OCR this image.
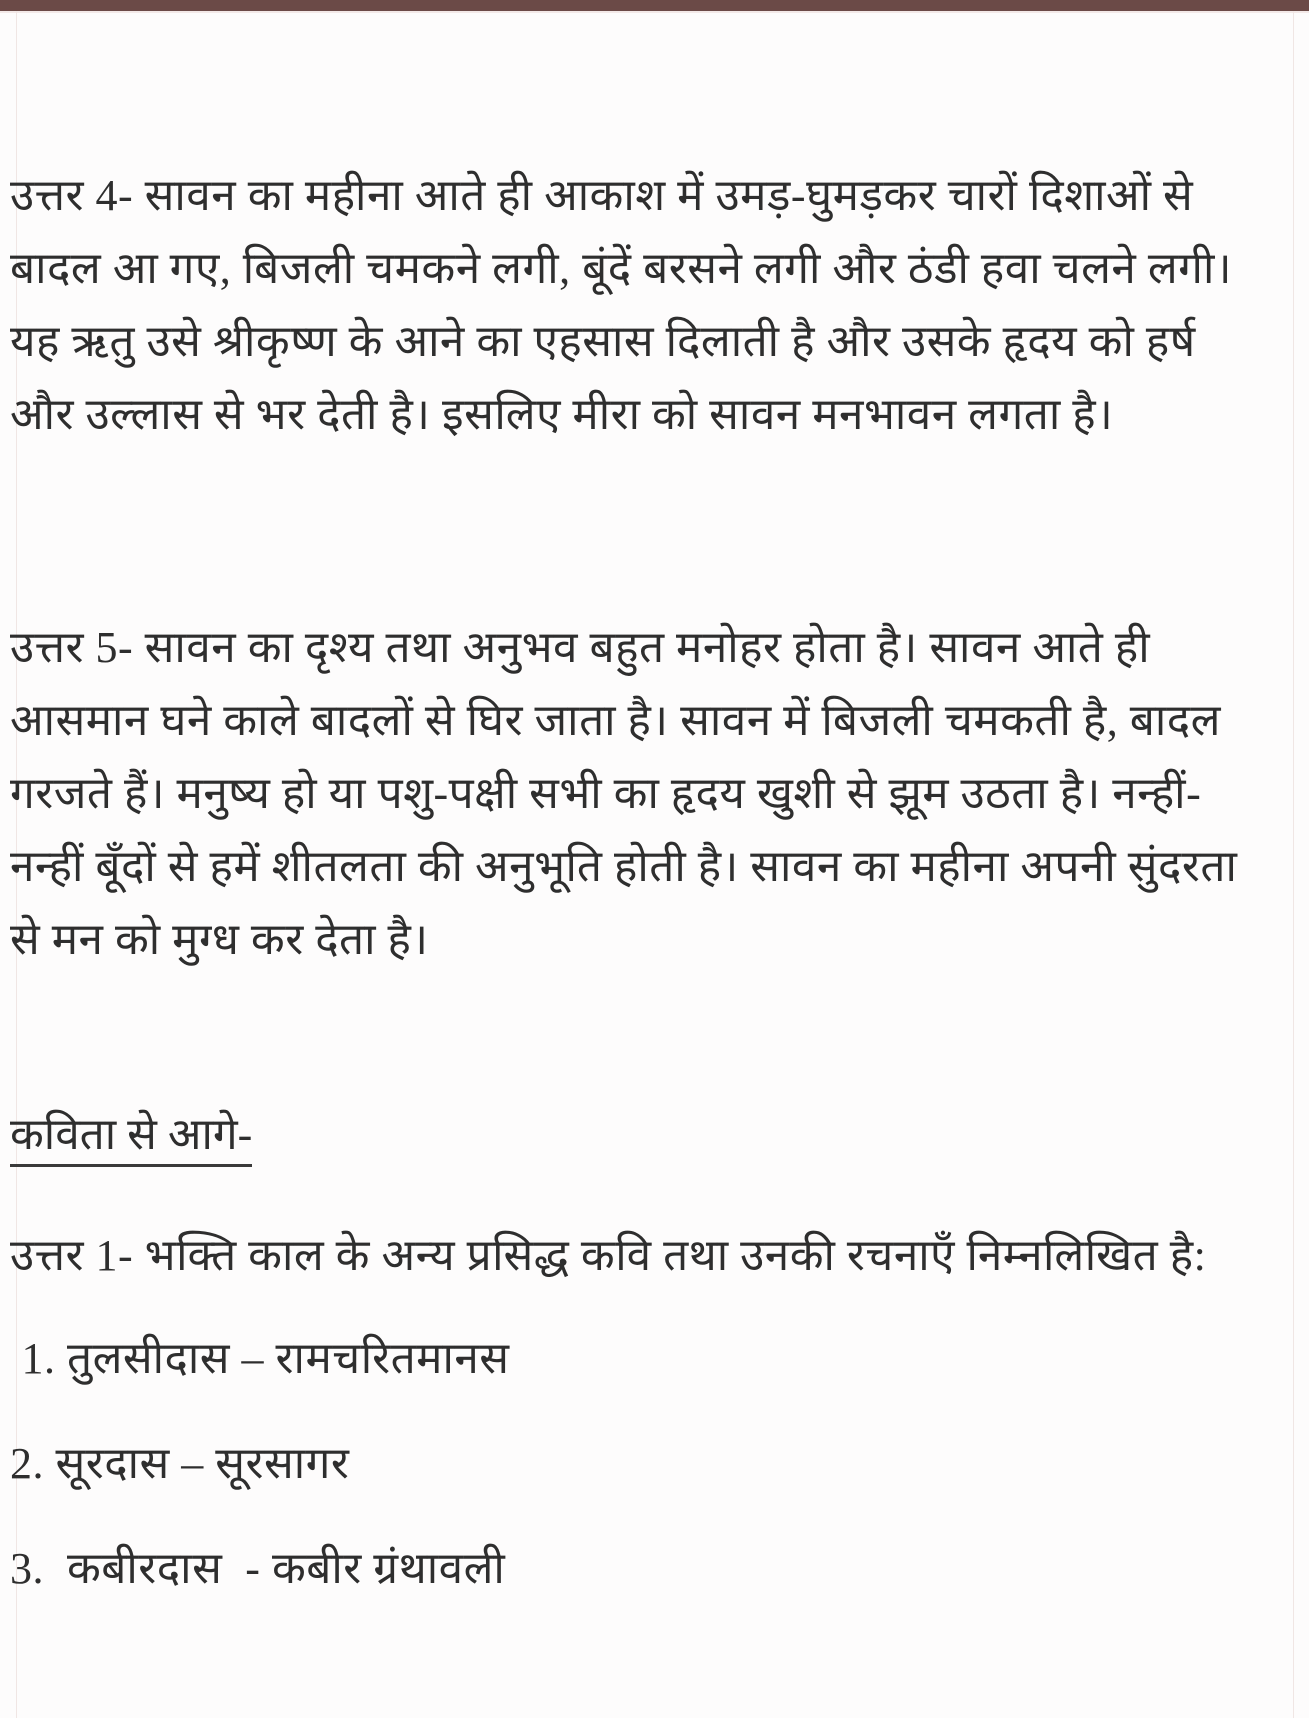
उत्तर 4- सावन का महीना आते ही आकाश में उमड़-घुमड़कर चारों दिशाओं से बादल आ गए, बिजली चमकने लगी, बूंदें बरसने लगी और ठंडी हवा चलने लगी। यह ऋतु उसे श्रीकृष्ण के आने का एहसास दिलाती है और उसके हृदय को हर्ष और उल्लास से भर देती है। इसलिए मीरा को सावन मनभावन लगता है।

उत्तर 5- सावन का दृश्य तथा अनुभव बहुत मनोहर होता है। सावन आते ही आसमान घने काले बादलों से घिर जाता है। सावन में बिजली चमकती है, बादल गरजते हैं। मनुष्य हो या पशु-पक्षी सभी का हृदय खुशी से झूम उठता है। नन्हीं-नन्हीं बूँदों से हमें शीतलता की अनुभूति होती है। सावन का महीना अपनी सुंदरता से मन को मुग्ध कर देता है।

कविता से आगे-

उत्तर 1- भक्ति काल के अन्य प्रसिद्ध कवि तथा उनकी रचनाएँ निम्नलिखित है:

1. तुलसीदास – रामचरितमानस
2. सूरदास – सूरसागर
3.  कबीरदास  - कबीर ग्रंथावली
